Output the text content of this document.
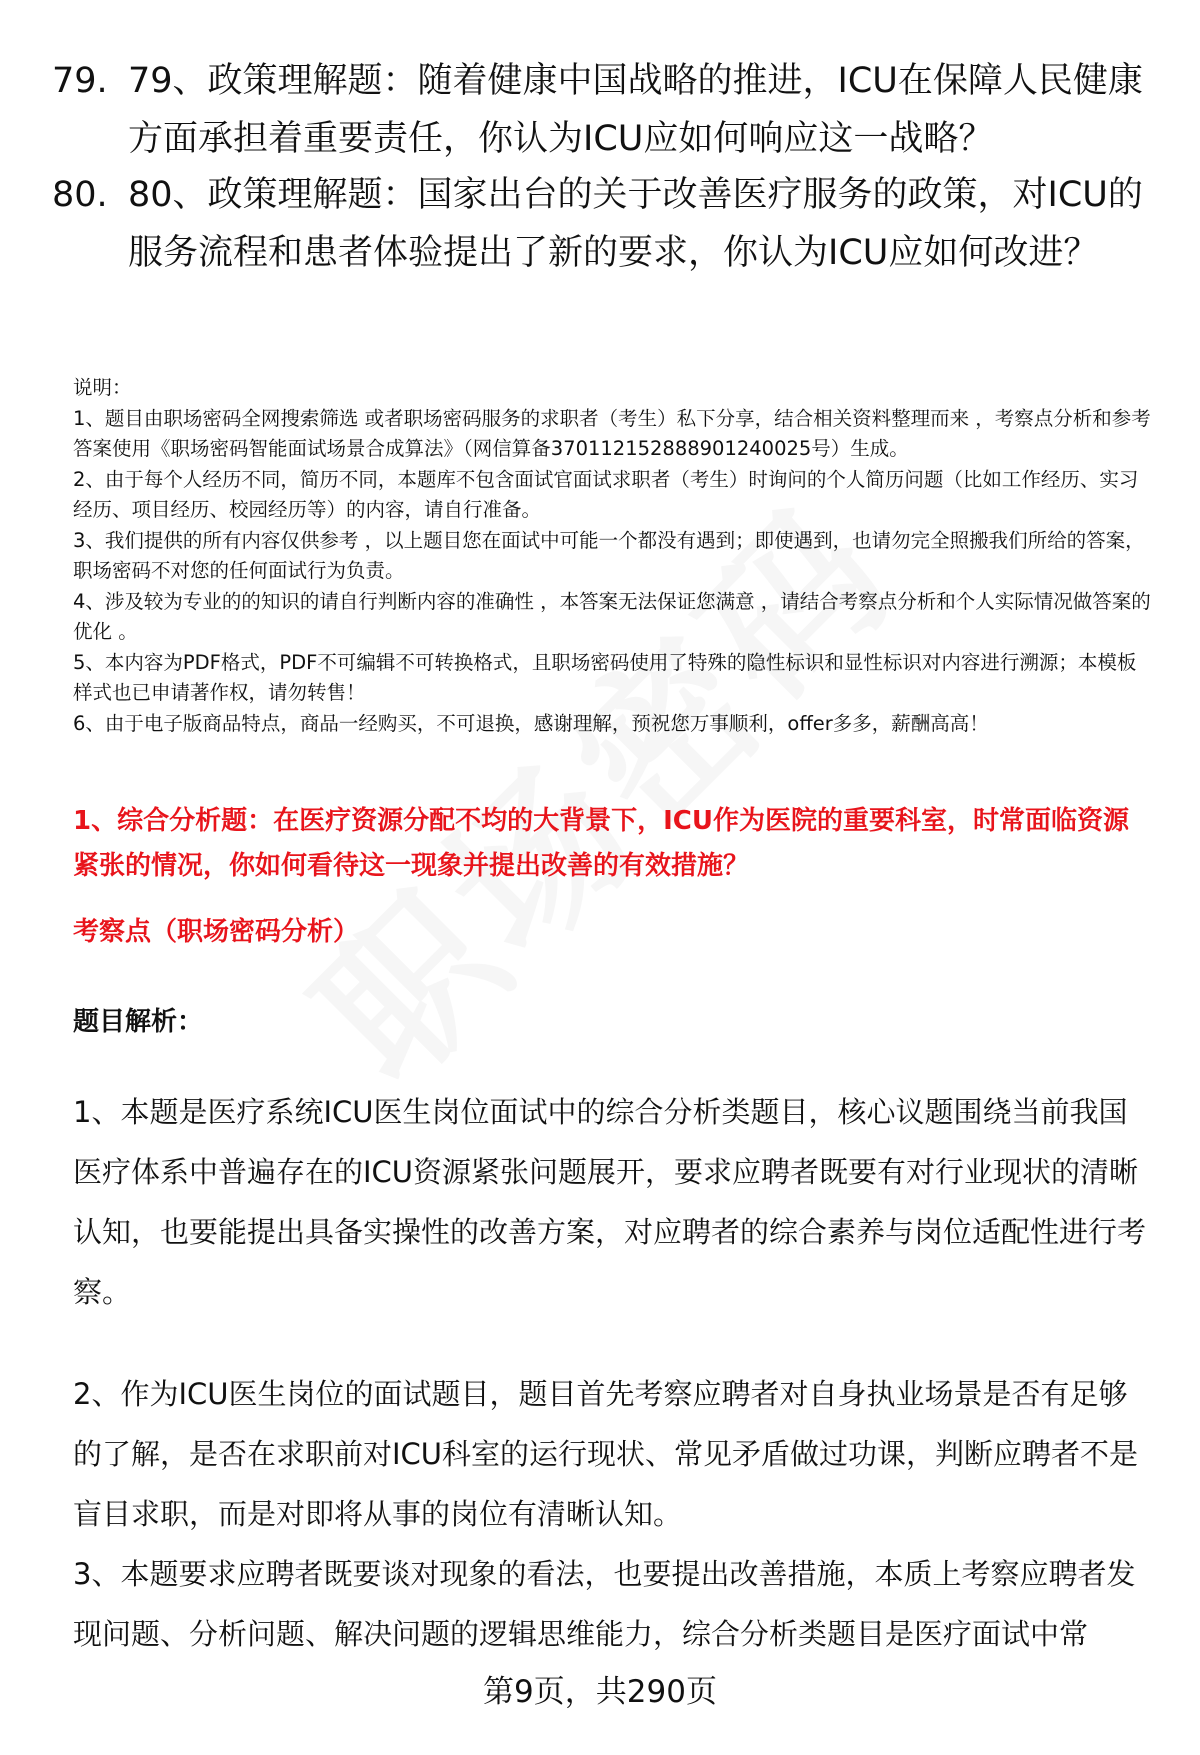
79. 79、政策理解题：随着健康中国战略的推进，ICU在保障人民健康方面承担着重要责任，你认为ICU应如何响应这一战略？
80. 80、政策理解题：国家出台的关于改善医疗服务的政策，对ICU的服务流程和患者体验提出了新的要求，你认为ICU应如何改进？

说明：

1、题目由职场密码全网搜索筛选 或者职场密码服务的求职者（考生）私下分享，结合相关资料整理而来 ，考察点分析和参考答案使用《职场密码智能面试场景合成算法》（网信算备370112152888901240025号）生成。

2、由于每个人经历不同，简历不同，本题库不包含面试官面试求职者（考生）时询问的个人简历问题（比如工作经历、实习经历、项目经历、校园经历等）的内容，请自行准备。

3、我们提供的所有内容仅供参考 ，以上题目您在面试中可能一个都没有遇到；即使遇到，也请勿完全照搬我们所给的答案，职场密码不对您的任何面试行为负责。

4、涉及较为专业的的知识的请自行判断内容的准确性 ，本答案无法保证您满意 ，请结合考察点分析和个人实际情况做答案的优化 。

5、本内容为PDF格式，PDF不可编辑不可转换格式，且职场密码使用了特殊的隐性标识和显性标识对内容进行溯源；本模板样式也已申请著作权，请勿转售！

6、由于电子版商品特点，商品一经购买，不可退换，感谢理解，预祝您万事顺利，offer多多，薪酬高高！

1、综合分析题：在医疗资源分配不均的大背景下，ICU作为医院的重要科室，时常面临资源紧张的情况，你如何看待这一现象并提出改善的有效措施？
考察点（职场密码分析）
题目解析：
1、本题是医疗系统ICU医生岗位面试中的综合分析类题目，核心议题围绕当前我国医疗体系中普遍存在的ICU资源紧张问题展开，要求应聘者既要有对行业现状的清晰认知，也要能提出具备实操性的改善方案，对应聘者的综合素养与岗位适配性进行考察。
2、作为ICU医生岗位的面试题目，题目首先考察应聘者对自身执业场景是否有足够的了解，是否在求职前对ICU科室的运行现状、常见矛盾做过功课，判断应聘者不是盲目求职，而是对即将从事的岗位有清晰认知。
3、本题要求应聘者既要谈对现象的看法，也要提出改善措施，本质上考察应聘者发现问题、分析问题、解决问题的逻辑思维能力，综合分析类题目是医疗面试中常
第9页，共290页
